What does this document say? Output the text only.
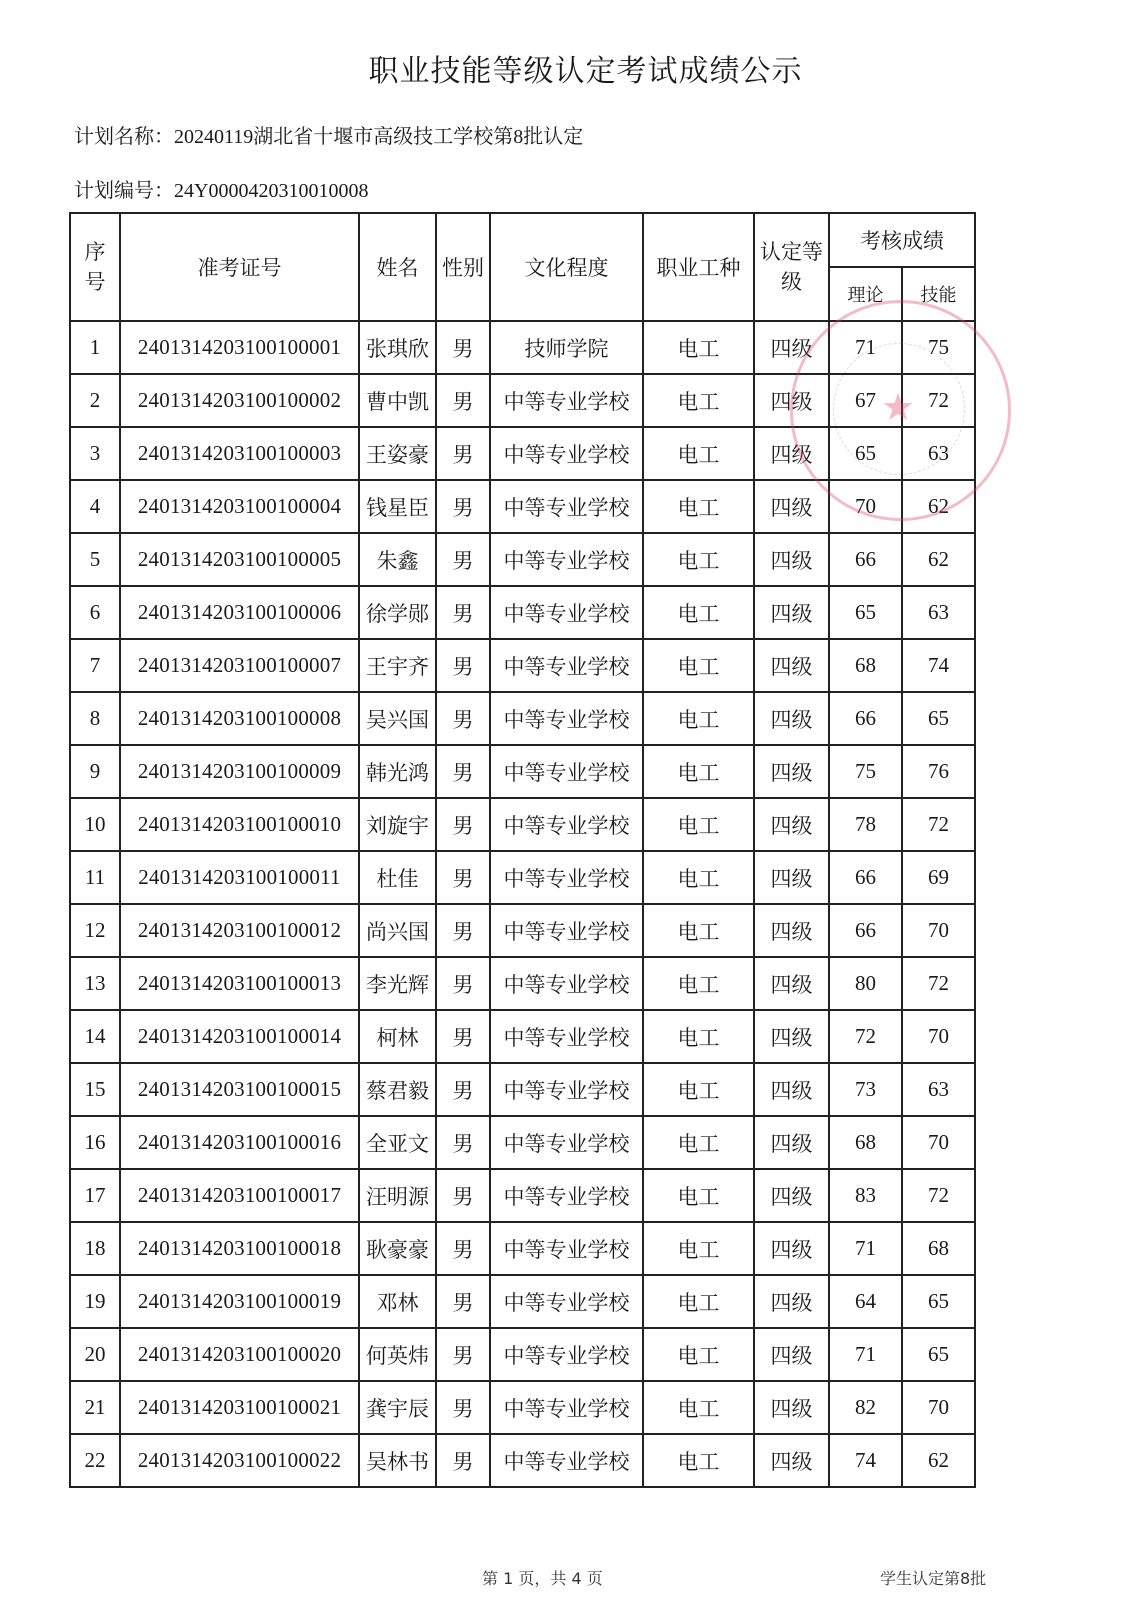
职业技能等级认定考试成绩公示
计划名称：20240119湖北省十堰市高级技工学校第8批认定
计划编号：24Y0000420310010008
序
号	准考证号	姓名	性别	文化程度	职业工种	认定等
级	考核成绩	
							理论	技能
1	2401314203100100001	张琪欣	男	技师学院	电工	四级	71	75
2	2401314203100100002	曹中凯	男	中等专业学校	电工	四级	67	72
3	2401314203100100003	王姿豪	男	中等专业学校	电工	四级	65	63
4	2401314203100100004	钱星臣	男	中等专业学校	电工	四级	70	62
5	2401314203100100005	朱鑫	男	中等专业学校	电工	四级	66	62
6	2401314203100100006	徐学郧	男	中等专业学校	电工	四级	65	63
7	2401314203100100007	王宇齐	男	中等专业学校	电工	四级	68	74
8	2401314203100100008	吴兴国	男	中等专业学校	电工	四级	66	65
9	2401314203100100009	韩光鸿	男	中等专业学校	电工	四级	75	76
10	2401314203100100010	刘旋宇	男	中等专业学校	电工	四级	78	72
11	2401314203100100011	杜佳	男	中等专业学校	电工	四级	66	69
12	2401314203100100012	尚兴国	男	中等专业学校	电工	四级	66	70
13	2401314203100100013	李光辉	男	中等专业学校	电工	四级	80	72
14	2401314203100100014	柯林	男	中等专业学校	电工	四级	72	70
15	2401314203100100015	蔡君毅	男	中等专业学校	电工	四级	73	63
16	2401314203100100016	全亚文	男	中等专业学校	电工	四级	68	70
17	2401314203100100017	汪明源	男	中等专业学校	电工	四级	83	72
18	2401314203100100018	耿豪豪	男	中等专业学校	电工	四级	71	68
19	2401314203100100019	邓林	男	中等专业学校	电工	四级	64	65
20	2401314203100100020	何英炜	男	中等专业学校	电工	四级	71	65
21	2401314203100100021	龚宇辰	男	中等专业学校	电工	四级	82	70
22	2401314203100100022	吴林书	男	中等专业学校	电工	四级	74	62
★
第 1 页，共 4 页	学生认定第8批
